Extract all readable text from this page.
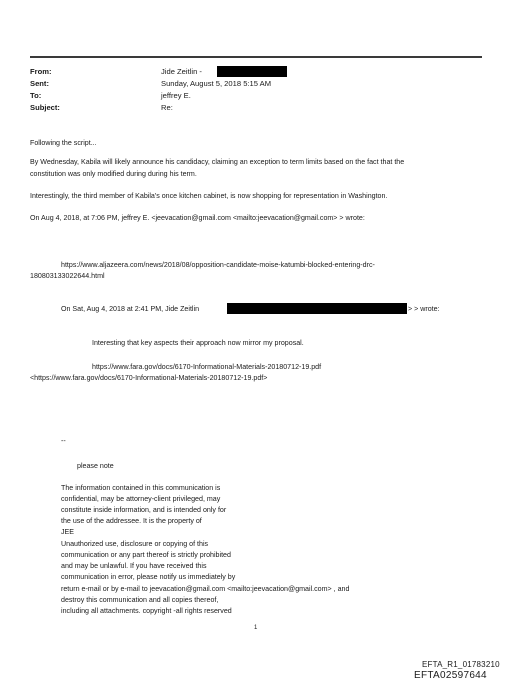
From:	Jide Zeitlin -
Sent:	Sunday, August 5, 2018 5:15 AM
To:	jeffrey E.
Subject:	Re:
Following the script...
By Wednesday, Kabila will likely announce his candidacy, claiming an exception to term limits based on the fact that the
constitution was only modified during during his term.
Interestingly, the third member of Kabila's once kitchen cabinet, is now shopping for representation in Washington.
On Aug 4, 2018, at 7:06 PM, jeffrey E. <jeevacation@gmail.com <mailto:jeevacation@gmail.com> > wrote:
https://www.aljazeera.com/news/2018/08/opposition-candidate-moise-katumbi-blocked-entering-drc-
180803133022644.html
On Sat, Aug 4, 2018 at 2:41 PM, Jide Zeitlin	> > wrote:
Interesting that key aspects their approach now mirror my proposal.
https://www.fara.gov/docs/6170-Informational-Materials-20180712-19.pdf
<https://www.fara.gov/docs/6170-Informational-Materials-20180712-19.pdf>
--
please note
The information contained in this communication is
confidential, may be attorney-client privileged, may
constitute inside information, and is intended only for
the use of the addressee. It is the property of
JEE
Unauthorized use, disclosure or copying of this
communication or any part thereof is strictly prohibited
and may be unlawful. If you have received this
communication in error, please notify us immediately by
return e-mail or by e-mail to jeevacation@gmail.com <mailto:jeevacation@gmail.com> , and
destroy this communication and all copies thereof,
including all attachments. copyright -all rights reserved
1
EFTA_R1_01783210
EFTA02597644
